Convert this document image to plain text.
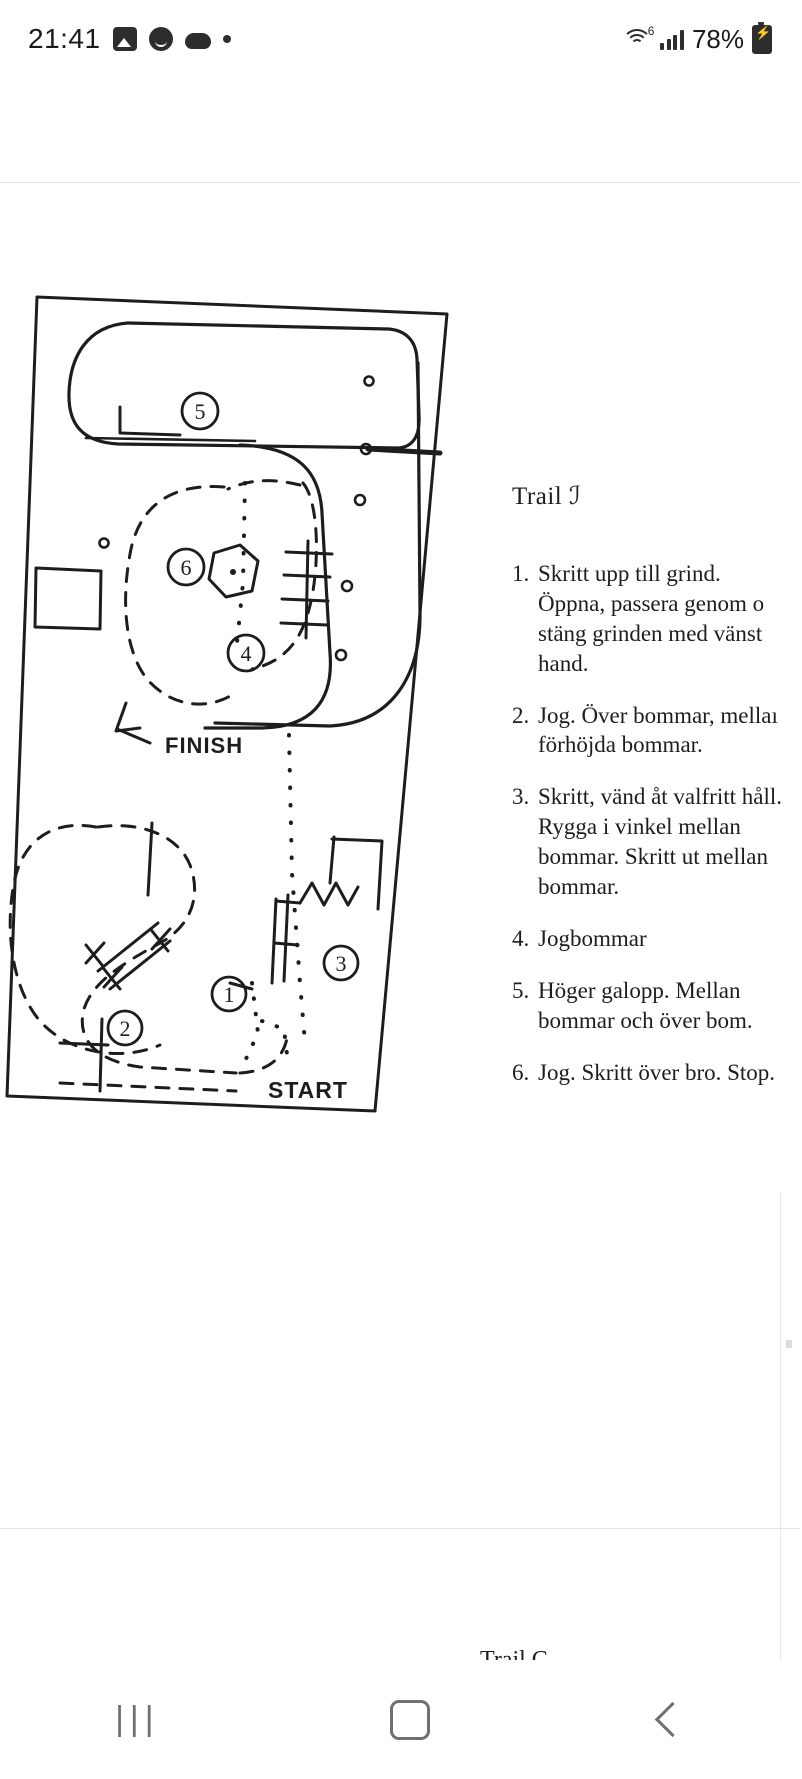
21:41	6 78%
⚡
1
2
3
4
5
6
FINISH
START
Trail ℐ
1. Skritt upp till grind.
Öppna, passera genom o
stäng grinden med vänst
hand.
2. Jog. Över bommar, mellaı
förhöjda bommar.
3. Skritt, vänd åt valfritt håll.
Rygga i vinkel mellan
bommar. Skritt ut mellan
bommar.
4. Jogbommar
5. Höger galopp. Mellan
bommar och över bom.
6. Jog. Skritt över bro. Stop.
|||
